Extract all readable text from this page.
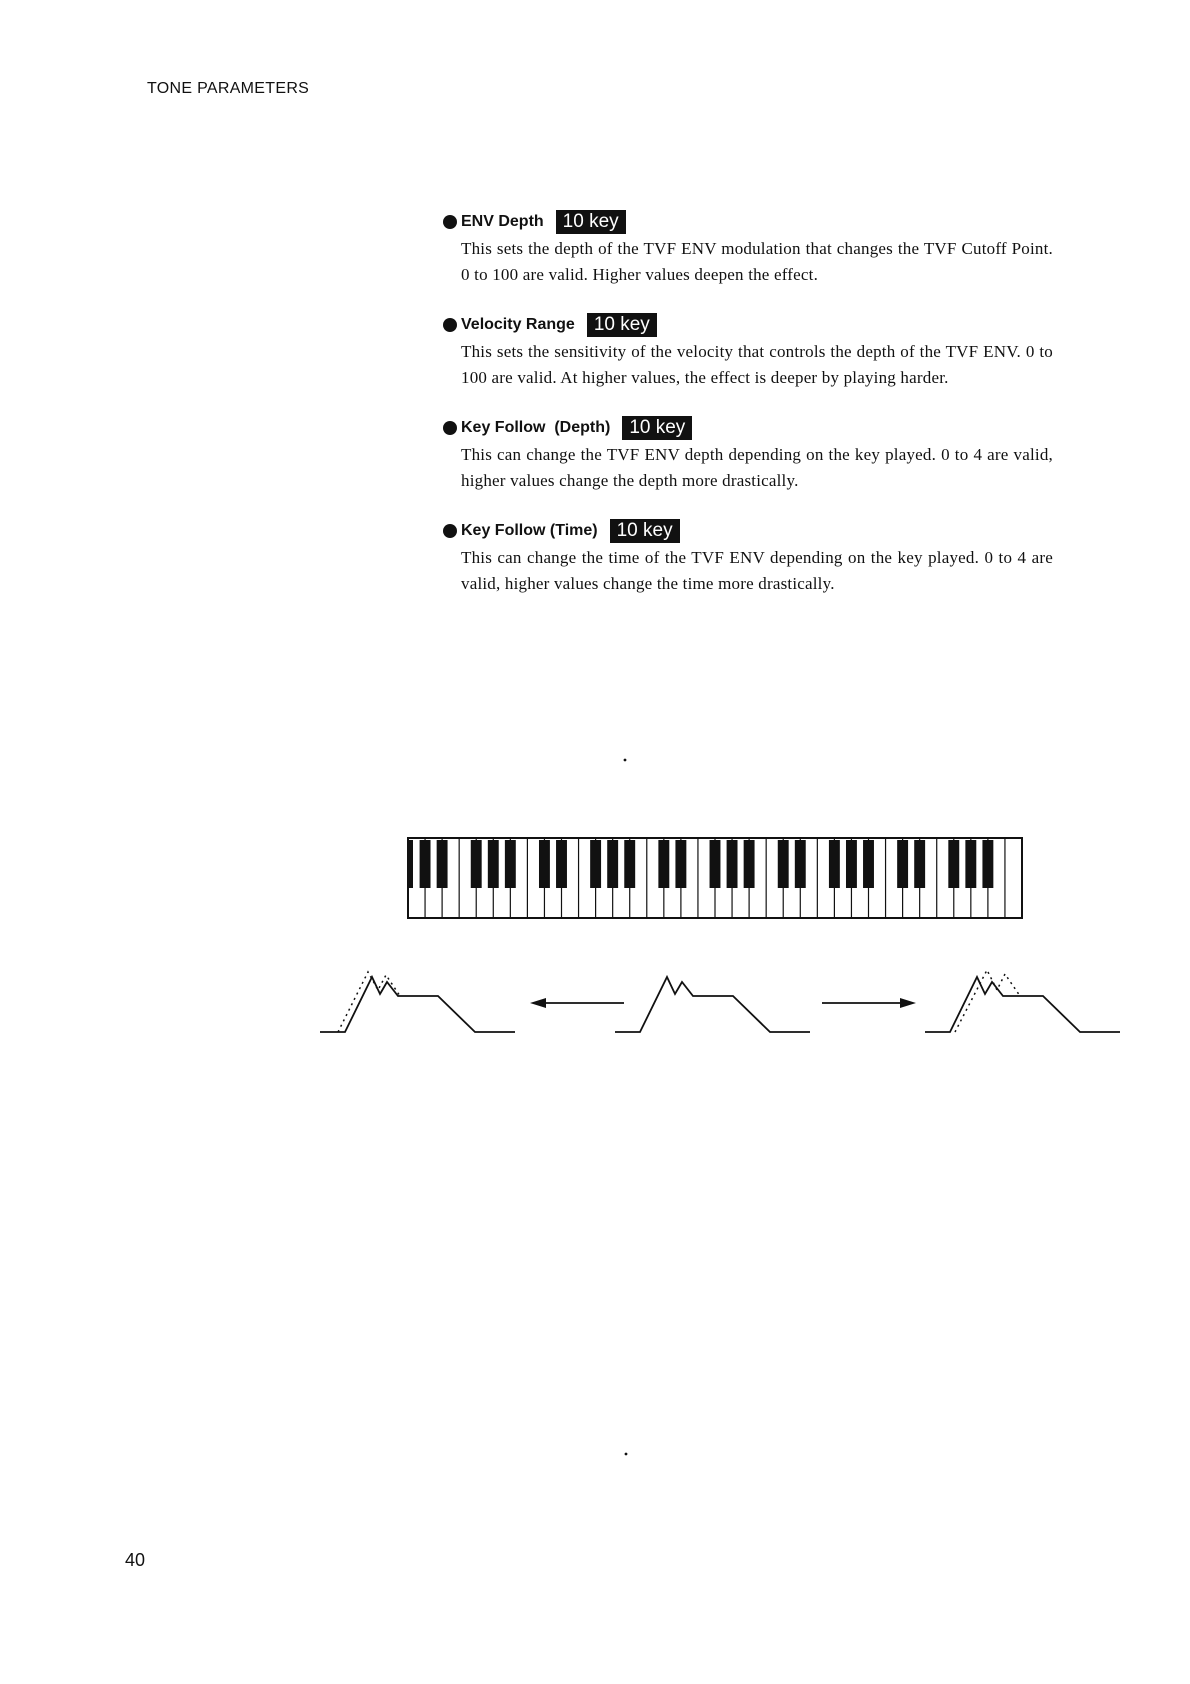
TONE PARAMETERS
ENV Depth	10 key

This sets the depth of the TVF ENV modulation that changes the TVF Cutoff Point. 0 to 100 are valid. Higher values deepen the effect.

Velocity Range	10 key

This sets the sensitivity of the velocity that controls the depth of the TVF ENV. 0 to 100 are valid. At higher values, the effect is deeper by playing harder.

Key Follow  (Depth)	10 key

This can change the TVF ENV depth depending on the key played. 0 to 4 are valid, higher values change the depth more drastically.

Key Follow (Time)	10 key

This can change the time of the TVF ENV depending on the key played. 0 to 4 are valid, higher values change the time more drastically.

40
